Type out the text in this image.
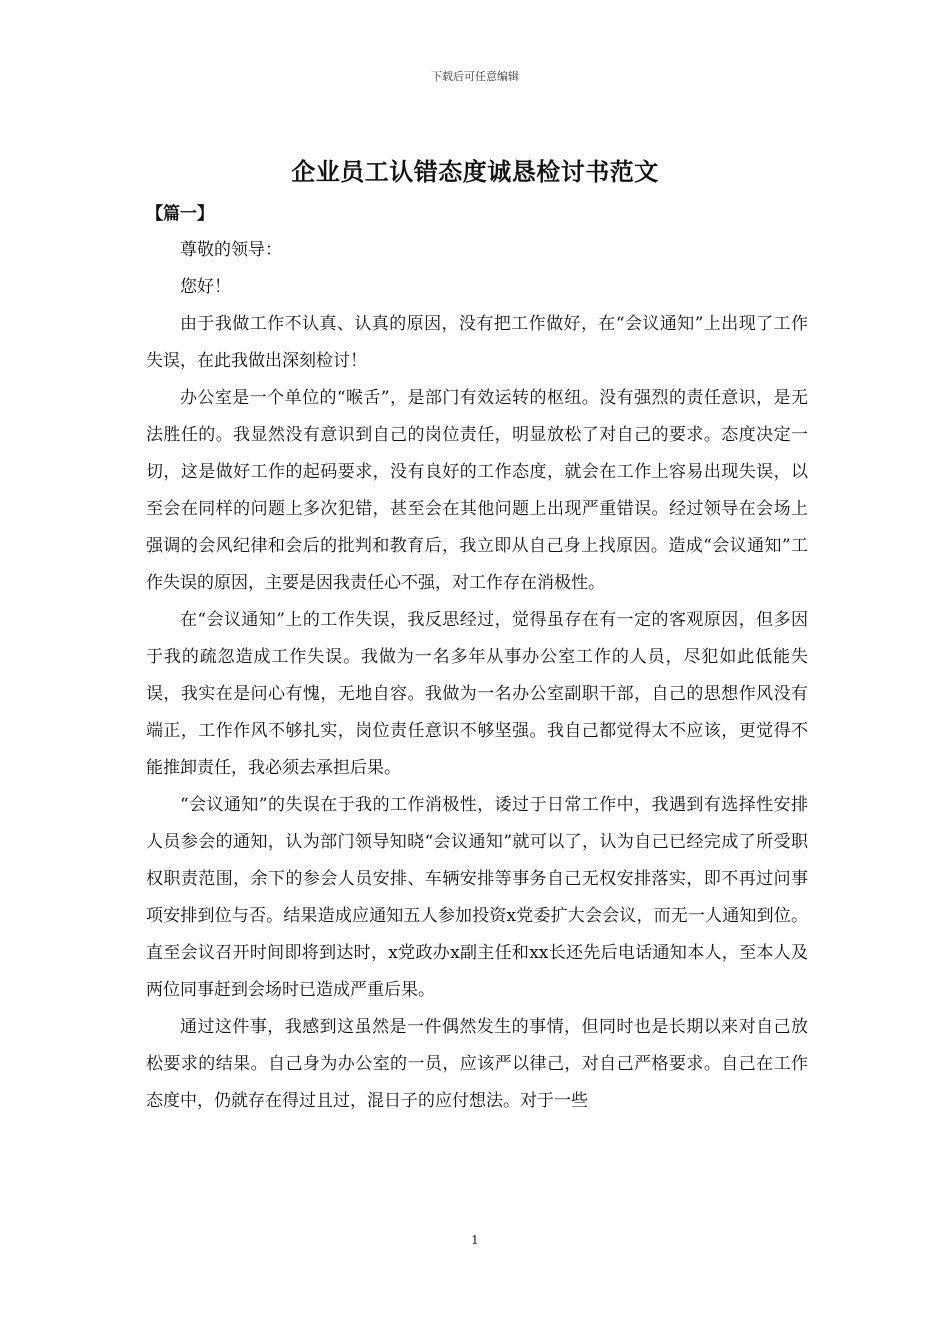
下载后可任意编辑
企业员工认错态度诚恳检讨书范文

【篇一】

尊敬的领导：

您好！

由于我做工作不认真、认真的原因，没有把工作做好，在“会议通知”上出现了工作失误，在此我做出深刻检讨！

办公室是一个单位的“喉舌”，是部门有效运转的枢纽。没有强烈的责任意识，是无法胜任的。我显然没有意识到自己的岗位责任，明显放松了对自己的要求。态度决定一切，这是做好工作的起码要求，没有良好的工作态度，就会在工作上容易出现失误，以至会在同样的问题上多次犯错，甚至会在其他问题上出现严重错误。经过领导在会场上强调的会风纪律和会后的批判和教育后，我立即从自己身上找原因。造成“会议通知”工作失误的原因，主要是因我责任心不强，对工作存在消极性。

在“会议通知”上的工作失误，我反思经过，觉得虽存在有一定的客观原因，但多因于我的疏忽造成工作失误。我做为一名多年从事办公室工作的人员，尽犯如此低能失误，我实在是问心有愧，无地自容。我做为一名办公室副职干部，自己的思想作风没有端正，工作作风不够扎实，岗位责任意识不够坚强。我自己都觉得太不应该，更觉得不能推卸责任，我必须去承担后果。

“会议通知”的失误在于我的工作消极性，诿过于日常工作中，我遇到有选择性安排人员参会的通知，认为部门领导知晓“会议通知”就可以了，认为自己已经完成了所受职权职责范围，余下的参会人员安排、车辆安排等事务自己无权安排落实，即不再过问事项安排到位与否。结果造成应通知五人参加投资x党委扩大会会议，而无一人通知到位。直至会议召开时间即将到达时，x党政办x副主任和xx长还先后电话通知本人，至本人及两位同事赶到会场时已造成严重后果。

通过这件事，我感到这虽然是一件偶然发生的事情，但同时也是长期以来对自己放松要求的结果。自己身为办公室的一员，应该严以律己，对自己严格要求。自己在工作态度中，仍就存在得过且过，混日子的应付想法。对于一些

1
